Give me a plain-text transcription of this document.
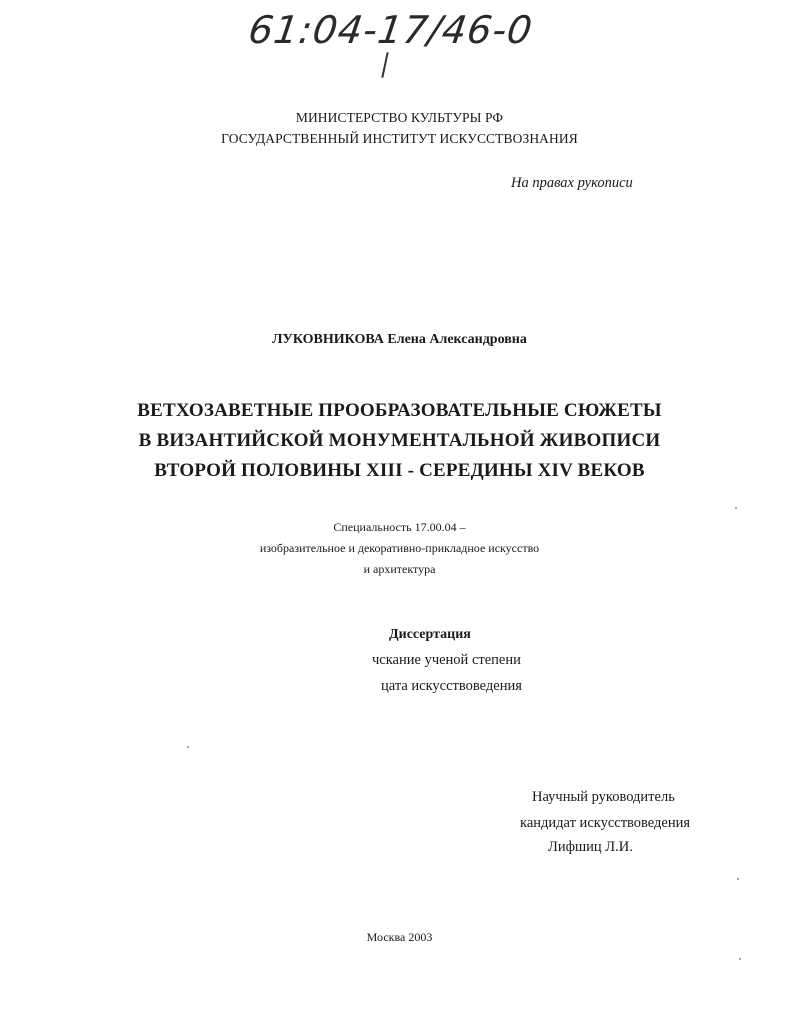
61:04-17/46-0
МИНИСТЕРСТВО КУЛЬТУРЫ РФ
ГОСУДАРСТВЕННЫЙ ИНСТИТУТ ИСКУССТВОЗНАНИЯ
На правах рукописи
ЛУКОВНИКОВА Елена Александровна
ВЕТХОЗАВЕТНЫЕ ПРООБРАЗОВАТЕЛЬНЫЕ СЮЖЕТЫ
В ВИЗАНТИЙСКОЙ МОНУМЕНТАЛЬНОЙ ЖИВОПИСИ
ВТОРОЙ ПОЛОВИНЫ XIII - СЕРЕДИНЫ XIV ВЕКОВ
Специальность 17.00.04 –
изобразительное и декоративно-прикладное искусство
и архитектура
Диссертация
чскание ученой степени
цата искусствоведения
Научный руководитель
кандидат искусствоведения
Лифшиц Л.И.
Москва 2003
